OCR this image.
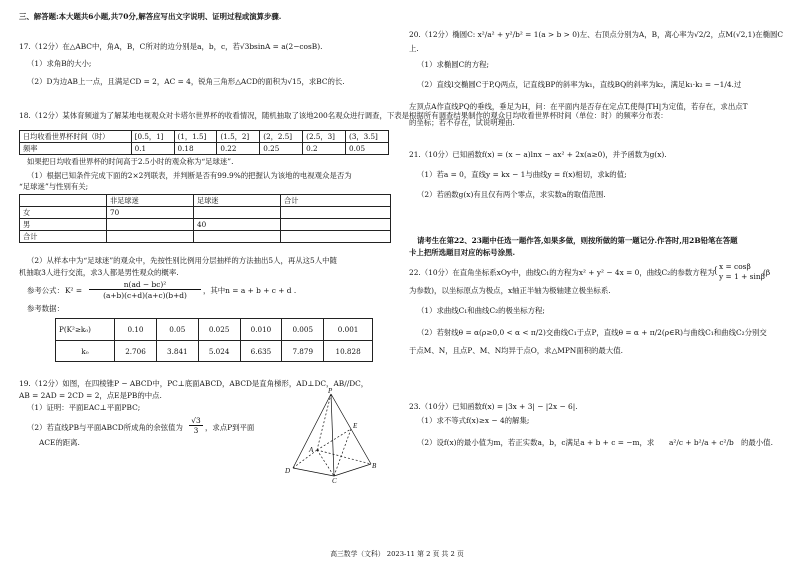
三、解答题:本大题共6小题,共70分,解答应写出文字说明、证明过程或演算步骤.
17.（12分）在△ABC中，角A，B，C所对的边分别是a，b，c，若√3bsinA = a(2−cosB).
（1）求角B的大小;
（2）D为边AB上一点，且满足CD = 2，AC = 4，锐角三角形△ACD的面积为√15，求BC的长.
18.（12分）某体育频道为了解某地电视观众对卡塔尔世界杯的收看情况，随机抽取了该地200名观众进行调查，下表是根据所有调查结果制作的观众日均收看世界杯时间（单位：时）的频率分布表：
日均收看世界杯时间（时）	[0.5，1]	(1，1.5]	(1.5，2]	(2，2.5]	(2.5，3]	(3，3.5]
频率	0.1	0.18	0.22	0.25	0.2	0.05
如果把日均收看世界杯的时间高于2.5小时的观众称为“足球迷”.
（1）根据已知条件完成下面的2×2列联表，并判断是否有99.9%的把握认为该地的电视观众是否为
“足球迷”与性别有关;
	非足球迷	足球迷	合计
女	70		
男		40	
合计			
（2）从样本中为“足球迷”的观众中，先按性别比例用分层抽样的方法抽出5人，再从这5人中随
机抽取3人进行交流，求3人都是男性观众的概率.
参考公式： K² =
n(ad − bc)²
(a+b)(c+d)(a+c)(b+d)
，其中n = a + b + c + d .
参考数据：
P(K²≥k₀)	0.10	0.05	0.025	0.010	0.005	0.001
k₀	2.706	3.841	5.024	6.635	7.879	10.828
19.（12分）如图，在四棱锥P − ABCD中，PC⊥底面ABCD，ABCD是直角梯形，AD⊥DC，AB//DC，
AB = 2AD = 2CD = 2，点E是PB的中点.
（1）证明：平面EAC⊥平面PBC;
（2）若直线PB与平面ABCD所成角的余弦值为
√3
3 ，求点P到平面
ACE的距离.
P
A
B
C
D
E
20.（12分）椭圆C: x²/a² + y²/b² = 1(a > b > 0)左、右顶点分别为A，B，离心率为√2/2，点M(√2,1)在椭圆C
上.
（1）求椭圆C的方程;
（2）直线l交椭圆C于P,Q两点，记直线BP的斜率为k₁，直线BQ的斜率为k₂，满足k₁·k₂ = −1/4.过
左顶点A作直线PQ的垂线，垂足为H，问：在平面内是否存在定点T,使得|TH|为定值，若存在，求出点T
的坐标；若不存在，试说明理由.
21.（10分）已知函数f(x) = (x − a)lnx − ax² + 2x(a≥0)，并予函数为g(x).
（1）若a = 0，直线y = kx − 1与曲线y = f(x)相切，求k的值;
（2）若函数g(x)有且仅有两个零点，求实数a的取值范围.
请考生在第22、23题中任选一题作答,如果多做，则按所做的第一题记分.作答时,用2B铅笔在答题
卡上把所选题目对应的标号涂黑.
22.（10分）在直角坐标系xOy中，曲线C₁的方程为x² + y² − 4x = 0，曲线C₂的参数方程为
{ x = cosβ
y = 1 + sinβ
(β
为参数)，以坐标原点为极点，x轴正半轴为极轴建立极坐标系.
（1）求曲线C₁和曲线C₂的极坐标方程;
（2）若射线θ = α(ρ≥0,0 < α < π/2)交曲线C₁于点P，直线θ = α + π/2(ρ∈R)与曲线C₁和曲线C₂分别交
于点M、N，且点P、M、N均异于点O，求△MPN面积的最大值.
23.（10分）已知函数f(x) = |3x + 3| − |2x − 6|.
（1）求不等式f(x)≥x − 4的解集;
（2）设f(x)的最小值为m，若正实数a，b，c满足a + b + c = −m，求 a²/c + b²/a + c²/b 的最小值.
高三数学（文科） 2023-11 第 2 页 共 2 页
